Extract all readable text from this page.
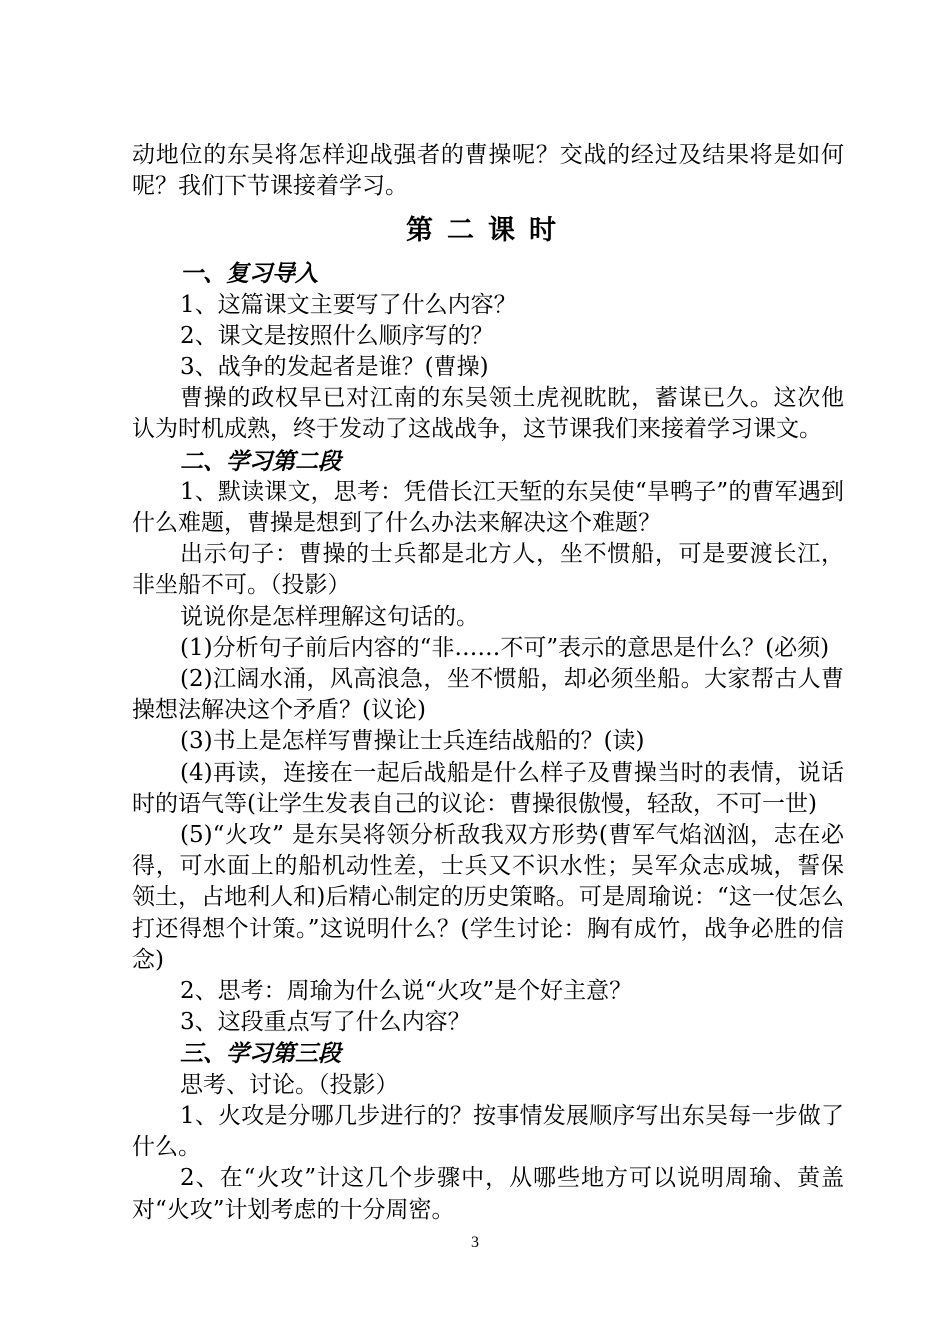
动地位的东吴将怎样迎战强者的曹操呢？交战的经过及结果将是如何呢？我们下节课接着学习。

第二课时

一、复习导入

1、这篇课文主要写了什么内容？

2、课文是按照什么顺序写的？

3、战争的发起者是谁？(曹操)

曹操的政权早已对江南的东吴领土虎视眈眈，蓄谋已久。这次他认为时机成熟，终于发动了这战战争，这节课我们来接着学习课文。

二、学习第二段

1、默读课文，思考：凭借长江天堑的东吴使“旱鸭子”的曹军遇到什么难题，曹操是想到了什么办法来解决这个难题？

出示句子：曹操的士兵都是北方人，坐不惯船，可是要渡长江，非坐船不可。（投影）

说说你是怎样理解这句话的。

(1)分析句子前后内容的“非……不可”表示的意思是什么？(必须)

(2)江阔水涌，风高浪急，坐不惯船，却必须坐船。大家帮古人曹操想法解决这个矛盾？(议论)

(3)书上是怎样写曹操让士兵连结战船的？(读)

(4)再读，连接在一起后战船是什么样子及曹操当时的表情，说话时的语气等(让学生发表自己的议论：曹操很傲慢，轻敌，不可一世)

(5)“火攻” 是东吴将领分析敌我双方形势(曹军气焰汹汹，志在必得，可水面上的船机动性差，士兵又不识水性；吴军众志成城，誓保领土，占地利人和)后精心制定的历史策略。可是周瑜说：“这一仗怎么打还得想个计策。”这说明什么？(学生讨论：胸有成竹，战争必胜的信念)

2、思考：周瑜为什么说“火攻”是个好主意？

3、这段重点写了什么内容？

三、学习第三段

思考、讨论。（投影）

1、火攻是分哪几步进行的？按事情发展顺序写出东吴每一步做了什么。

2、在“火攻”计这几个步骤中，从哪些地方可以说明周瑜、黄盖对“火攻”计划考虑的十分周密。

3
